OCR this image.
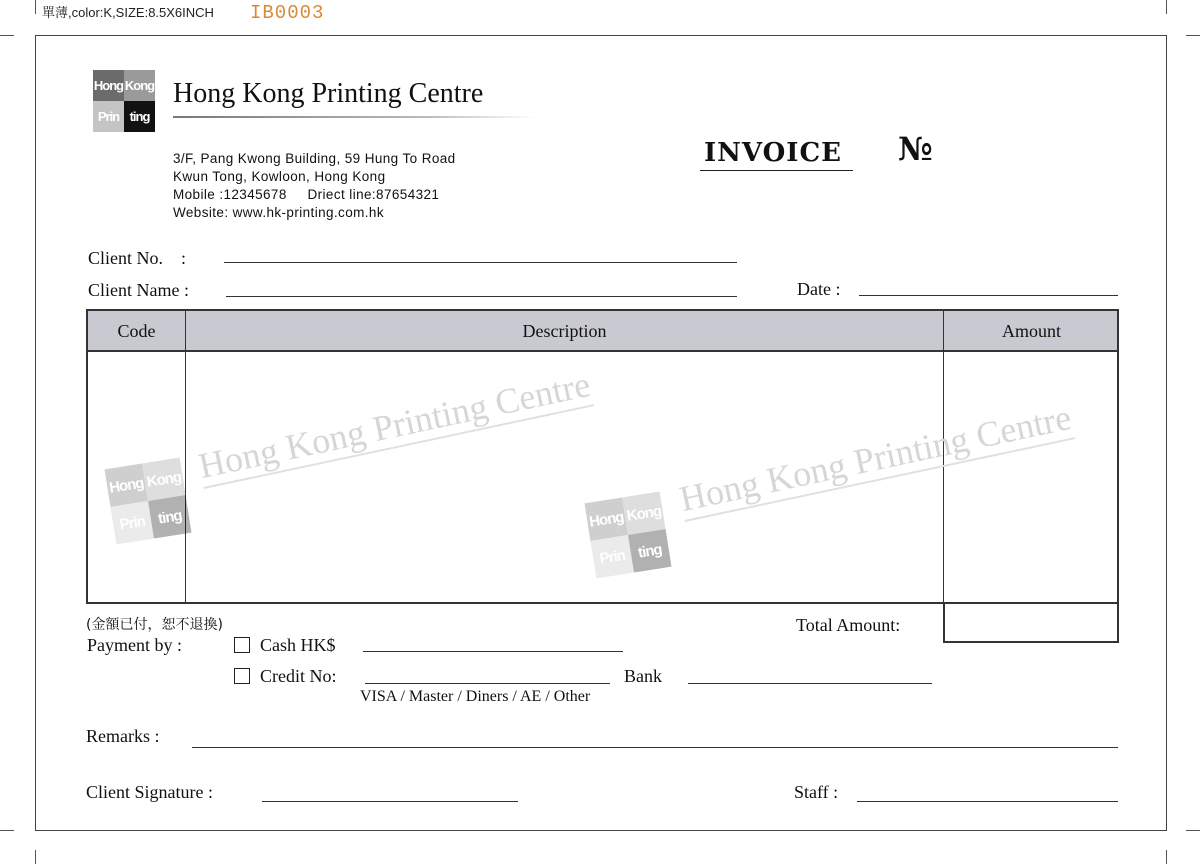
單薄,color:K,SIZE:8.5X6INCH IB0003
Hong Kong
Prin ting
Hong Kong Printing Centre
3/F, Pang Kwong Building, 59 Hung To Road
Kwun Tong, Kowloon, Hong Kong
Mobile :12345678     Driect line:87654321
Website: www.hk-printing.com.hk
INVOICE №
Client No.    :
Client Name :	Date :
Code	Description	Amount
Hong Kong
Prin ting
Hong Kong Printing Centre
Hong Kong
Prin ting
Hong Kong Printing Centre
(金額已付，恕不退換)	Total Amount:
Payment by :	Cash HK$
Credit No:	Bank
VISA / Master / Diners / AE / Other
Remarks :
Client Signature :	Staff :
